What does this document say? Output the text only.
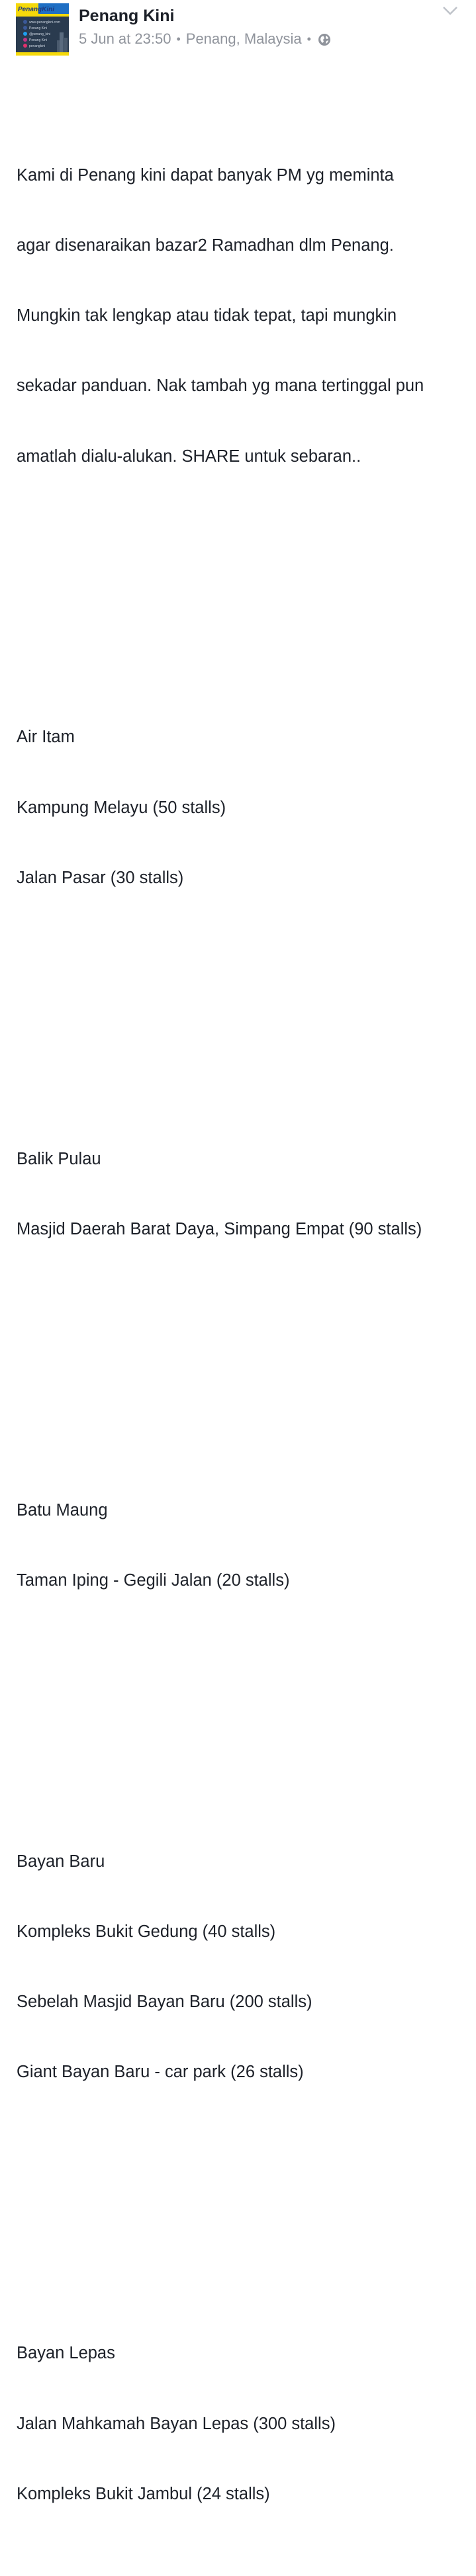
PenangKini
www.penangkini.com
Penang Kini
@penang_kini
Penang Kini
penangkini
Penang Kini
5 Jun at 23:50 • Penang, Malaysia •

Kami di Penang kini dapat banyak PM yg meminta

agar disenaraikan bazar2 Ramadhan dlm Penang.

Mungkin tak lengkap atau tidak tepat, tapi mungkin

sekadar panduan. Nak tambah yg mana tertinggal pun

amatlah dialu-alukan. SHARE untuk sebaran..

Air Itam

Kampung Melayu (50 stalls)

Jalan Pasar (30 stalls)

Balik Pulau

Masjid Daerah Barat Daya, Simpang Empat (90 stalls)

Batu Maung

Taman Iping - Gegili Jalan (20 stalls)

Bayan Baru

Kompleks Bukit Gedung (40 stalls)

Sebelah Masjid Bayan Baru (200 stalls)

Giant Bayan Baru - car park (26 stalls)

Bayan Lepas

Jalan Mahkamah Bayan Lepas (300 stalls)

Kompleks Bukit Jambul (24 stalls)
